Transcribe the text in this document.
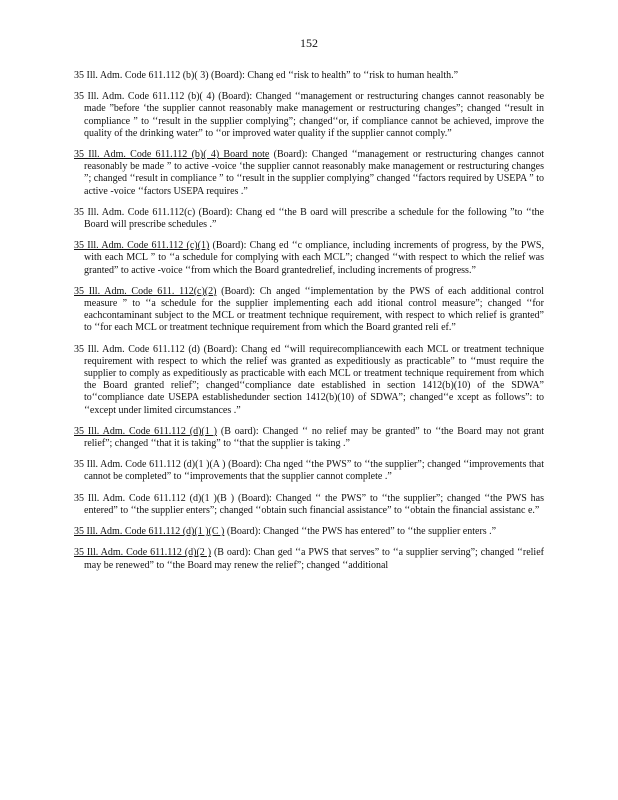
152

35 Ill. Adm. Code 611.112 (b)( 3) (Board): Chang ed ‘‘risk to health” to ‘‘risk to human health.”

35 Ill. Adm. Code 611.112 (b)( 4) (Board): Changed ‘‘management or restructuring changes cannot reasonably be made ”before ‘the supplier cannot reasonably make management or restructuring changes”; changed ‘‘result in compliance ” to ‘‘result in the supplier complying”; changed‘‘or, if compliance cannot be achieved, improve the quality of the drinking water” to ‘‘or improved water quality if the supplier cannot comply.”

35 Ill. Adm. Code 611.112 (b)( 4) Board note (Board): Changed ‘‘management or restructuring changes cannot reasonably be made ” to active -voice ‘the supplier cannot reasonably make management or restructuring changes ”; changed ‘‘result in compliance ” to ‘‘result in the supplier complying” changed ‘‘factors required by USEPA ” to active -voice ‘‘factors USEPA requires .”

35 Ill. Adm. Code 611.112(c) (Board): Chang ed ‘‘the B oard will prescribe a schedule for the following ”to ‘‘the Board will prescribe schedules .”

35 Ill. Adm. Code 611.112 (c)(1) (Board): Chang ed ‘‘c ompliance, including increments of progress, by the PWS, with each MCL ” to ‘‘a schedule for complying with each MCL”; changed ‘‘with respect to which the relief was granted” to active -voice ‘‘from which the Board grantedrelief, including increments of progress.”

35 Ill. Adm. Code 611. 112(c)(2) (Board): Ch anged ‘‘implementation by the PWS of each additional control measure ” to ‘‘a schedule for the supplier implementing each add itional control measure”; changed ‘‘for eachcontaminant subject to the MCL or treatment technique requirement, with respect to which relief is granted” to ‘‘for each MCL or treatment technique requirement from which the Board granted reli ef.”

35 Ill. Adm. Code 611.112 (d) (Board): Chang ed ‘‘will requirecompliancewith each MCL or treatment technique requirement with respect to which the relief was granted as expeditiously as practicable” to ‘‘must require the supplier to comply as expeditiously as practicable with each MCL or treatment technique requirement from which the Board granted relief”; changed‘‘compliance date established in section 1412(b)(10) of the SDWA” to‘‘compliance date USEPA establishedunder section 1412(b)(10) of SDWA”; changed‘‘e xcept as follows”: to ‘‘except under limited circumstances .”

35 Ill. Adm. Code 611.112 (d)(1 ) (B oard): Changed ‘‘ no relief may be granted” to ‘‘the Board may not grant relief”; changed ‘‘that it is taking” to ‘‘that the supplier is taking .”

35 Ill. Adm. Code 611.112 (d)(1 )(A ) (Board): Cha nged ‘‘the PWS” to ‘‘the supplier”; changed ‘‘improvements that cannot be completed” to ‘‘improvements that the supplier cannot complete .”

35 Ill. Adm. Code 611.112 (d)(1 )(B ) (Board): Changed ‘‘ the PWS” to ‘‘the supplier”; changed ‘‘the PWS has entered” to ‘‘the supplier enters”; changed ‘‘obtain such financial assistance” to ‘‘obtain the financial assistanc e.”

35 Ill. Adm. Code 611.112 (d)(1 )(C ) (Board): Changed ‘‘the PWS has entered” to ‘‘the supplier enters .”

35 Ill. Adm. Code 611.112 (d)(2 ) (B oard): Chan ged ‘‘a PWS that serves” to ‘‘a supplier serving”; changed ‘‘relief may be renewed” to ‘‘the Board may renew the relief”; changed ‘‘additional
